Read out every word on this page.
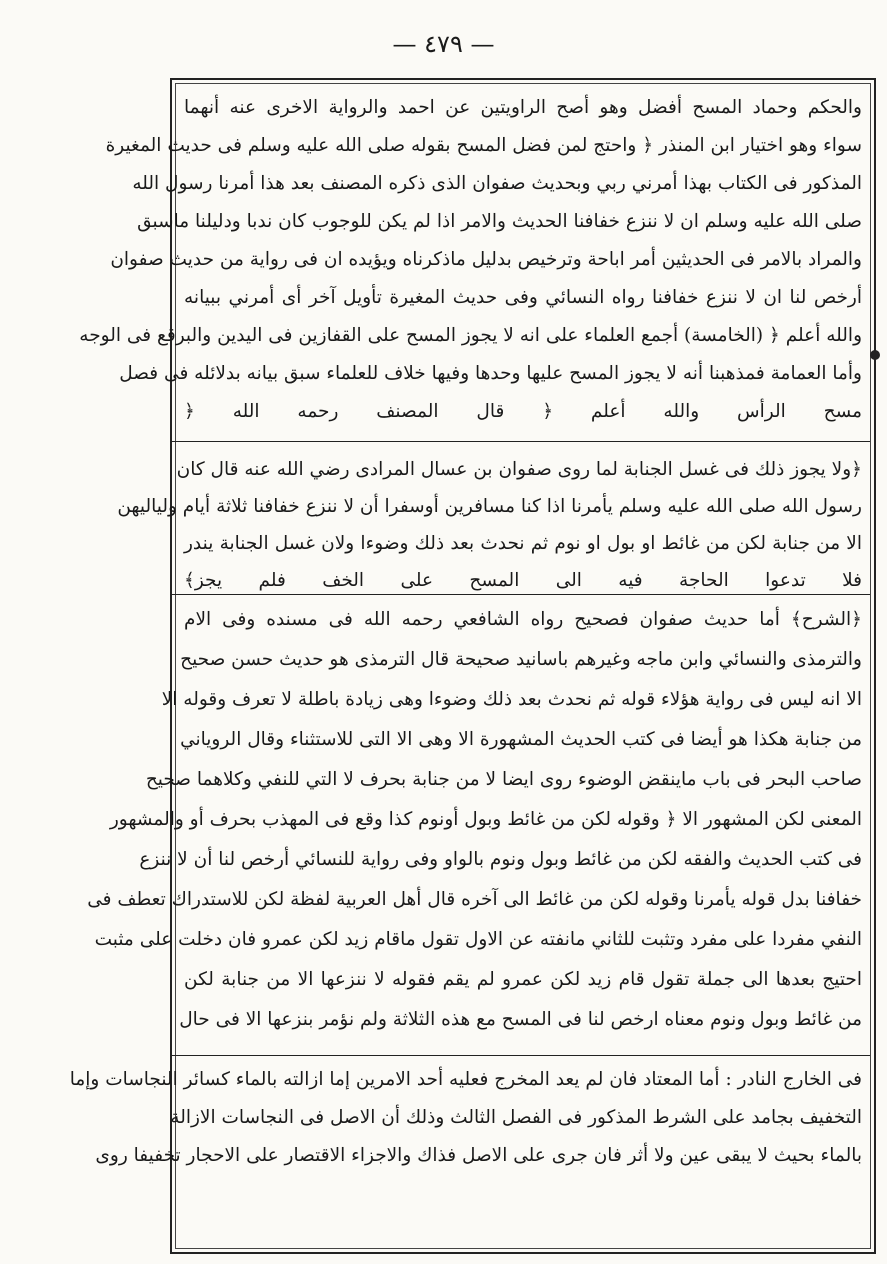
— ٤٧٩ —
والحكم وحماد المسح أفضل وهو أصح الراويتين عن احمد والرواية الاخرى عنه أنهما
سواء وهو اختيار ابن المنذر ﴿ واحتج لمن فضل المسح بقوله صلى الله عليه وسلم فى حديث المغيرة
المذكور فى الكتاب بهذا أمرني ربي وبحديث صفوان الذى ذكره المصنف بعد هذا أمرنا رسول الله
صلى الله عليه وسلم ان لا ننزع خفافنا الحديث والامر اذا لم يكن للوجوب كان ندبا ودليلنا ماسبق
والمراد بالامر فى الحديثين أمر اباحة وترخيص بدليل ماذكرناه ويؤيده ان فى رواية من حديث صفوان
أرخص لنا ان لا ننزع خفافنا رواه النسائي وفى حديث المغيرة تأويل آخر أى أمرني ببيانه
والله أعلم ﴿ (الخامسة) أجمع العلماء على انه لا يجوز المسح على القفازين فى اليدين والبرقع فى الوجه
وأما العمامة فمذهبنا أنه لا يجوز المسح عليها وحدها وفيها خلاف للعلماء سبق بيانه بدلائله فى فصل
مسح الرأس والله أعلم ﴿ قال المصنف رحمه الله ﴿
﴿ولا يجوز ذلك فى غسل الجنابة لما روى صفوان بن عسال المرادى رضي الله عنه قال كان
رسول الله صلى الله عليه وسلم يأمرنا اذا كنا مسافرين أوسفرا أن لا ننزع خفافنا ثلاثة أيام ولياليهن
الا من جنابة لكن من غائط او بول او نوم ثم نحدث بعد ذلك وضوءا ولان غسل الجنابة يندر
فلا تدعوا الحاجة فيه الى المسح على الخف فلم يجز﴾
﴿الشرح﴾ أما حديث صفوان فصحيح رواه الشافعي رحمه الله فى مسنده وفى الام
والترمذى والنسائي وابن ماجه وغيرهم باسانيد صحيحة قال الترمذى هو حديث حسن صحيح
الا انه ليس فى رواية هؤلاء قوله ثم نحدث بعد ذلك وضوءا وهى زيادة باطلة لا تعرف وقوله الا
من جنابة هكذا هو أيضا فى كتب الحديث المشهورة الا وهى الا التى للاستثناء وقال الروياني
صاحب البحر فى باب ماينقض الوضوء روى ايضا لا من جنابة بحرف لا التي للنفي وكلاهما صحيح
المعنى لكن المشهور الا ﴿ وقوله لكن من غائط وبول أونوم كذا وقع فى المهذب بحرف أو والمشهور
فى كتب الحديث والفقه لكن من غائط وبول ونوم بالواو وفى رواية للنسائي أرخص لنا أن لا ننزع
خفافنا بدل قوله يأمرنا وقوله لكن من غائط الى آخره قال أهل العربية لفظة لكن للاستدراك تعطف فى
النفي مفردا على مفرد وتثبت للثاني مانفته عن الاول تقول ماقام زيد لكن عمرو فان دخلت على مثبت
احتيج بعدها الى جملة تقول قام زيد لكن عمرو لم يقم فقوله لا ننزعها الا من جنابة لكن
من غائط وبول ونوم معناه ارخص لنا فى المسح مع هذه الثلاثة ولم نؤمر بنزعها الا فى حال
فى الخارج النادر : أما المعتاد فان لم يعد المخرج فعليه أحد الامرين إما ازالته بالماء كسائر النجاسات وإما
التخفيف بجامد على الشرط المذكور فى الفصل الثالث وذلك أن الاصل فى النجاسات الازالة
بالماء بحيث لا يبقى عين ولا أثر فان جرى على الاصل فذاك والاجزاء الاقتصار على الاحجار تخفيفا روى
